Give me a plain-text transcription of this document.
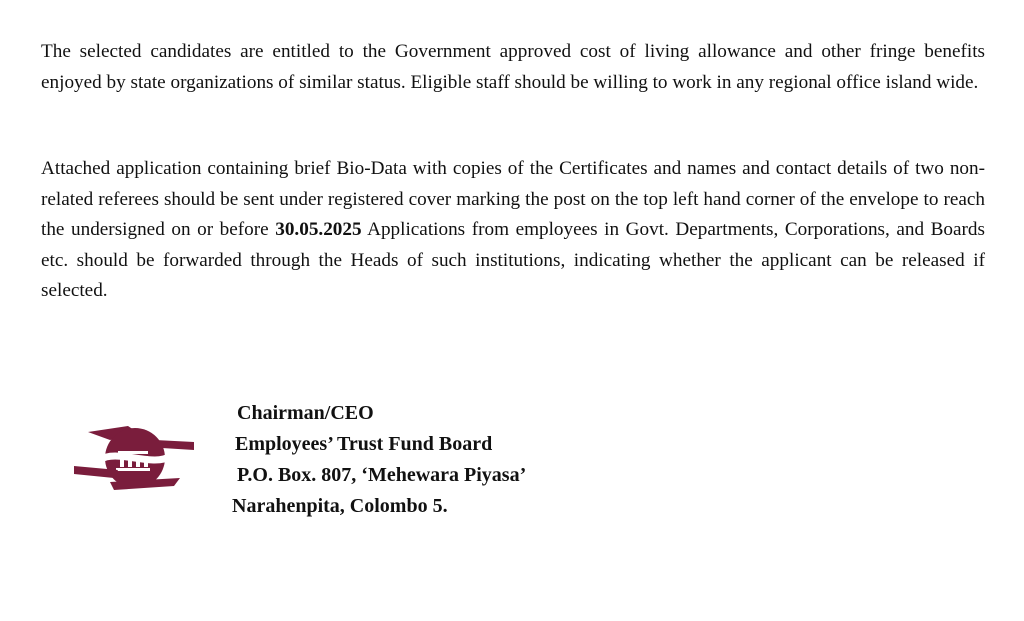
The selected candidates are entitled to the Government approved cost of living allowance and other fringe benefits enjoyed by state organizations of similar status. Eligible staff should be willing to work in any regional office island wide.

Attached application containing brief Bio-Data with copies of the Certificates and names and contact details of two non-related referees should be sent under registered cover marking the post on the top left hand corner of the envelope to reach the undersigned on or before 30.05.2025 Applications from employees in Govt. Departments, Corporations, and Boards etc. should be forwarded through the Heads of such institutions, indicating whether the applicant can be released if selected.

Chairman/CEO

Employees’ Trust Fund Board

P.O. Box. 807, ‘Mehewara Piyasa’

Narahenpita, Colombo 5.
